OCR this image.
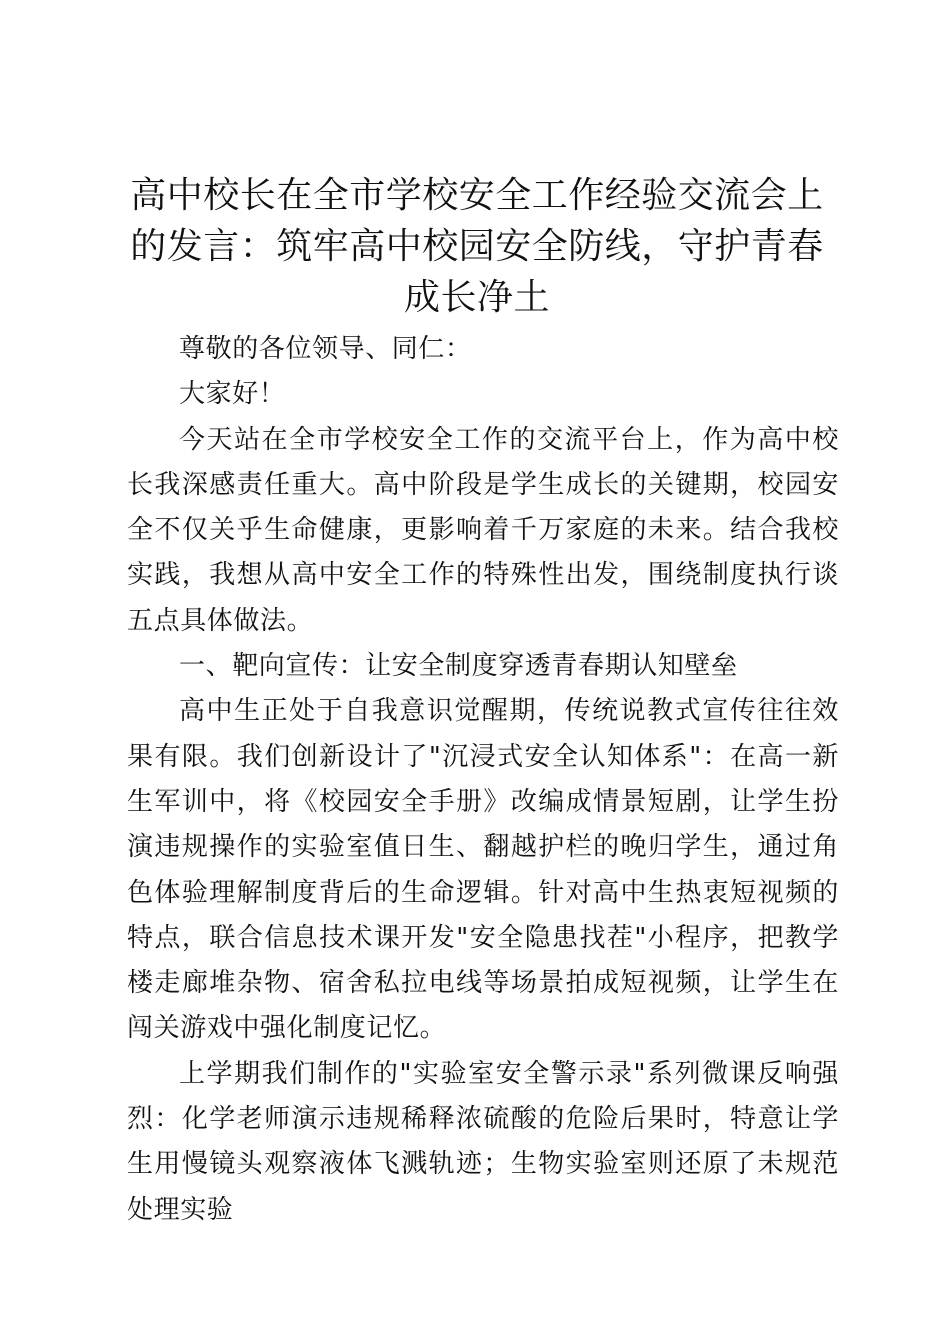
高中校长在全市学校安全工作经验交流会上的发言：筑牢高中校园安全防线，守护青春成长净土

尊敬的各位领导、同仁：

大家好！

今天站在全市学校安全工作的交流平台上，作为高中校长我深感责任重大。高中阶段是学生成长的关键期，校园安全不仅关乎生命健康，更影响着千万家庭的未来。结合我校实践，我想从高中安全工作的特殊性出发，围绕制度执行谈五点具体做法。

一、靶向宣传：让安全制度穿透青春期认知壁垒

高中生正处于自我意识觉醒期，传统说教式宣传往往效果有限。我们创新设计了"沉浸式安全认知体系"：在高一新生军训中，将《校园安全手册》改编成情景短剧，让学生扮演违规操作的实验室值日生、翻越护栏的晚归学生，通过角色体验理解制度背后的生命逻辑。针对高中生热衷短视频的特点，联合信息技术课开发"安全隐患找茬"小程序，把教学楼走廊堆杂物、宿舍私拉电线等场景拍成短视频，让学生在闯关游戏中强化制度记忆。

上学期我们制作的"实验室安全警示录"系列微课反响强烈：化学老师演示违规稀释浓硫酸的危险后果时，特意让学生用慢镜头观察液体飞溅轨迹；生物实验室则还原了未规范处理实验
